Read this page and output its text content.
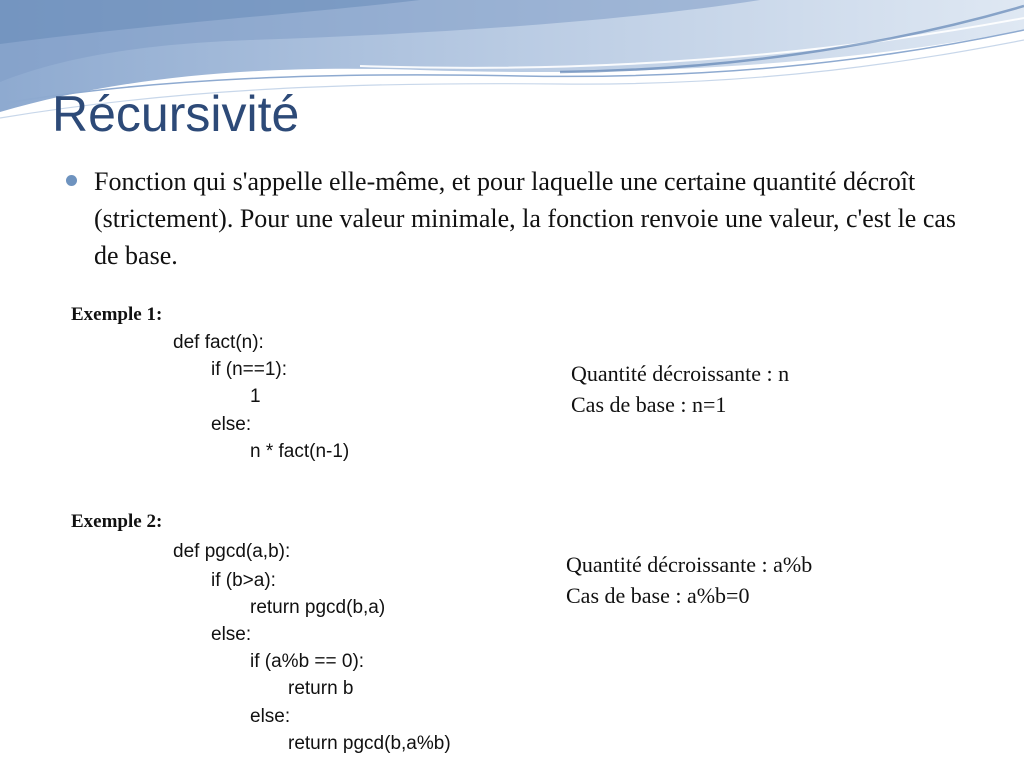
Récursivité
Fonction qui s'appelle elle-même, et pour laquelle une certaine quantité décroît (strictement). Pour une valeur minimale, la fonction renvoie une valeur, c'est le cas de base.
Exemple 1:
def fact(n):
if (n==1):
1
else:
n * fact(n-1)
Quantité décroissante : n
Cas de base : n=1
Exemple 2:
def pgcd(a,b):
if (b>a):
return pgcd(b,a)
else:
if (a%b == 0):
return b
else:
return pgcd(b,a%b)
Quantité décroissante : a%b
Cas de base : a%b=0
